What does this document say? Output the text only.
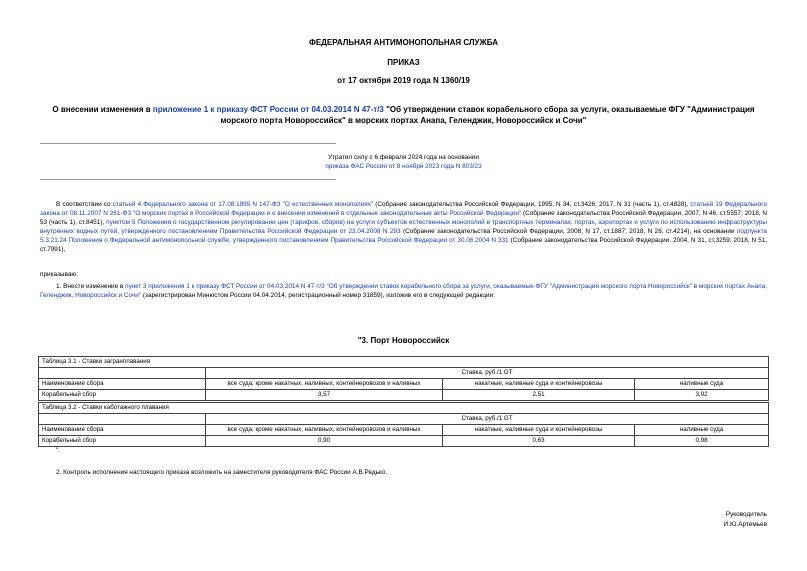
ФЕДЕРАЛЬНАЯ АНТИМОНОПОЛЬНАЯ СЛУЖБА
ПРИКАЗ
от 17 октября 2019 года N 1360/19
О внесении изменения в приложение 1 к приказу ФСТ России от 04.03.2014 N 47-т/3 "Об утверждении ставок корабельного сбора за услуги, оказываемые ФГУ "Администрация морского порта Новороссийск" в морских портах Анапа, Геленджик, Новороссийск и Сочи"
Утратил силу с 6 февраля 2024 года на основании
приказа ФАС России от 8 ноября 2023 года N 803/23
В соответствии со статьей 4 Федерального закона от 17.08.1995 N 147-ФЗ "О естественных монополиях" (Собрание законодательства Российской Федерации, 1995, N 34, ст.3426; 2017, N 31 (часть 1), ст.4828), статьей 19 Федерального закона от 08.11.2007 N 261-ФЗ "О морских портах в Российской Федерации и о внесении изменений в отдельные законодательные акты Российской Федерации" (Собрание законодательства Российской Федерации, 2007, N 46, ст.5557; 2018, N 53 (часть 1), ст.8451), пунктом 5 Положения о государственном регулировании цен (тарифов, сборов) на услуги субъектов естественных монополий в транспортных терминалах, портах, аэропортах и услуги по использованию инфраструктуры внутренних водных путей, утвержденного постановлением Правительства Российской Федерации от 23.04.2008 N 293 (Собрание законодательства Российской Федерации, 2008, N 17, ст.1887; 2018, N 28, ст.4214), на основании подпункта 5.3.21.24 Положения о Федеральной антимонопольной службе, утвержденного постановлением Правительства Российской Федерации от 30.06.2004 N 331 (Собрание законодательства Российской Федерации, 2004, N 31, ст.3259; 2018, N 51, ст.7991),
приказываю:
1. Внести изменение в пункт 3 приложения 1 к приказу ФСТ России от 04.03.2014 N 47-т/3 "Об утверждении ставок корабельного сбора за услуги, оказываемые ФГУ "Администрация морского порта Новороссийск" в морских портах Анапа, Геленджик, Новороссийск и Сочи" (зарегистрирован Минюстом России 04.04.2014, регистрационный номер 31859), изложив его в следующей редакции:
"3. Порт Новороссийск
Таблица 3.1 - Ставки загранплавания			
	Ставка, руб./1 GT		
Наименование сбора	все суда, кроме накатных, наливных, контейнеровозов и наливных	накатные, наливные суда и контейнеровозы	наливные суда
Корабельный сбор	3,57	2,51	3,92
Таблица 3.2 - Ставки каботажного плавания			
	Ставка, руб./1 GT		
Наименование сбора	все суда, кроме накатных, наливных, контейнеровозов и наливных	накатные, наливные суда и контейнеровозы	наливные суда
Корабельный сбор	0,90	0,63	0,98
".
2. Контроль исполнения настоящего приказа возложить на заместителя руководителя ФАС России А.В.Редько.
Руководитель
И.Ю.Артемьев
